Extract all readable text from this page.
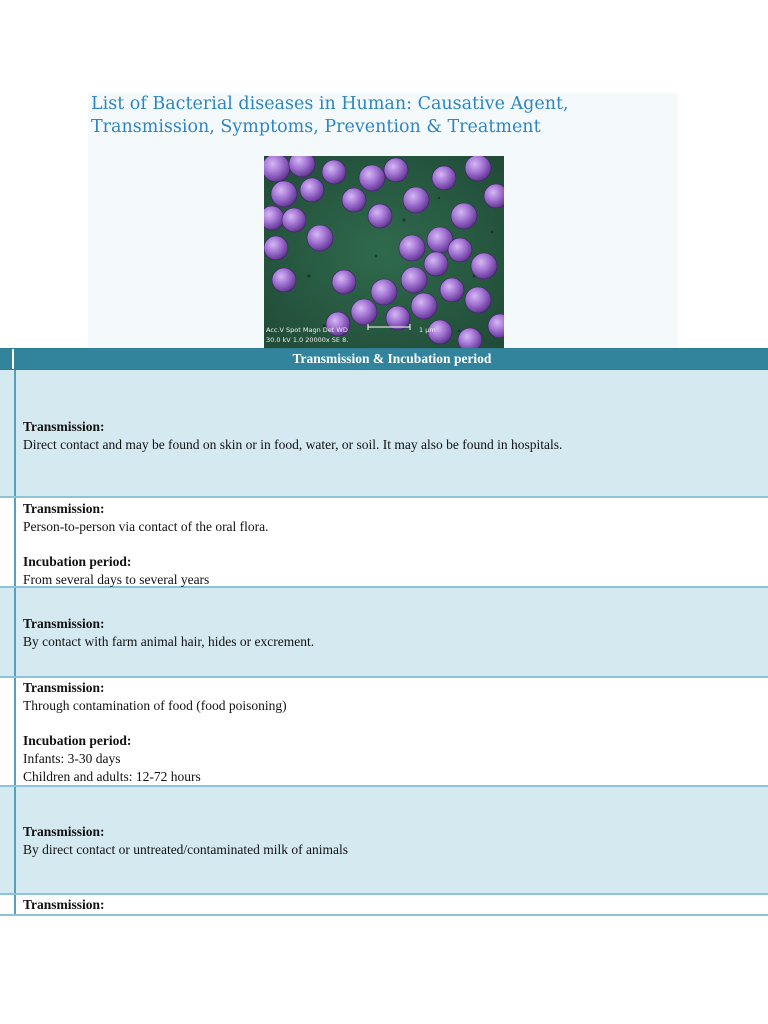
List of Bacterial diseases in Human: Causative Agent, Transmission, Symptoms, Prevention & Treatment
Acc.V Spot Magn Det WD
30.0 kV 1.0 20000x SE 8.
1 µm
Transmission & Incubation period
Transmission:
Direct contact and may be found on skin or in food, water, or soil. It may also be found in hospitals.
Transmission:
Person-to-person via contact of the oral flora.
Incubation period:
From several days to several years
Transmission:
By contact with farm animal hair, hides or excrement.
Transmission:
Through contamination of food (food poisoning)
Incubation period:
Infants: 3-30 days
Children and adults: 12-72 hours
Transmission:
By direct contact or untreated/contaminated milk of animals
Transmission:
